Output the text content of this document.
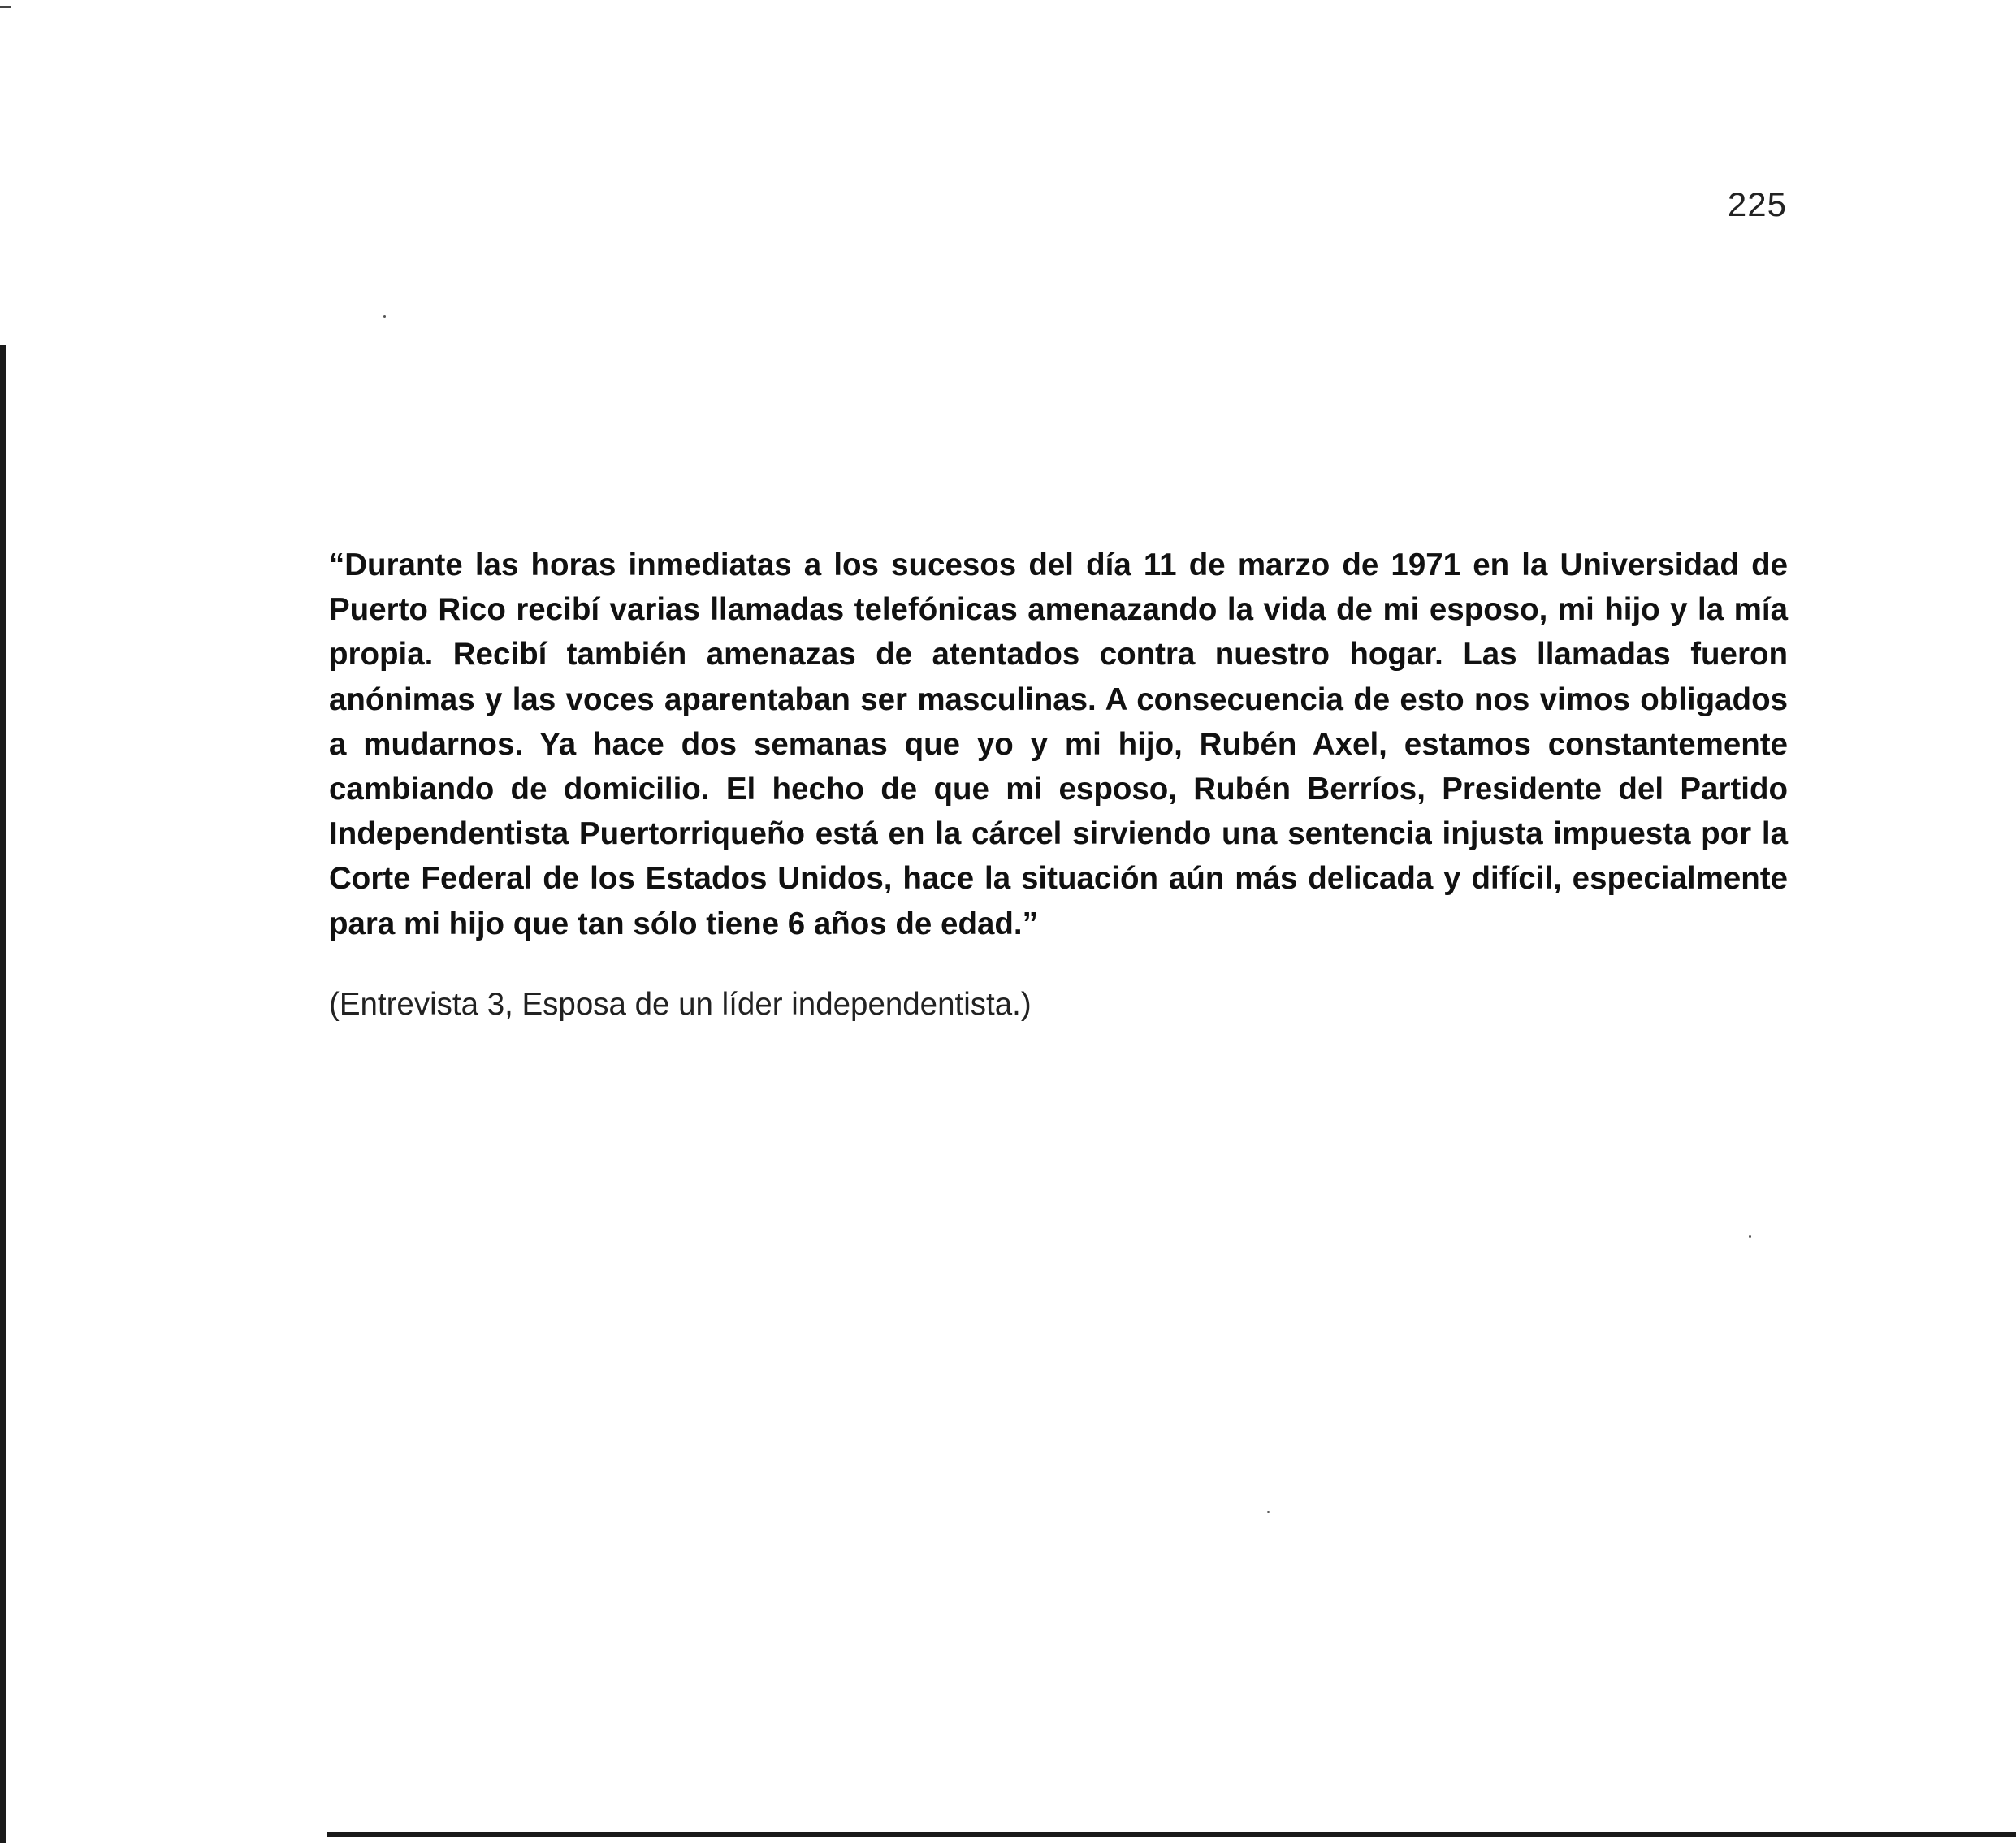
225

“Durante las horas inmediatas a los sucesos del día 11 de marzo de 1971 en la Universidad de Puerto Rico recibí varias llamadas telefónicas amenazando la vida de mi esposo, mi hijo y la mía propia. Recibí también amenazas de atentados contra nuestro hogar. Las llamadas fueron anónimas y las voces aparentaban ser masculinas. A consecuencia de esto nos vimos obligados a mudarnos. Ya hace dos semanas que yo y mi hijo, Rubén Axel, estamos constantemente cambiando de domicilio. El hecho de que mi esposo, Rubén Berríos, Presidente del Partido Independentista Puertorriqueño está en la cárcel sirviendo una sentencia injusta impuesta por la Corte Federal de los Estados Unidos, hace la situación aún más delicada y difícil, especialmente para mi hijo que tan sólo tiene 6 años de edad.”

(Entrevista 3, Esposa de un líder independentista.)
